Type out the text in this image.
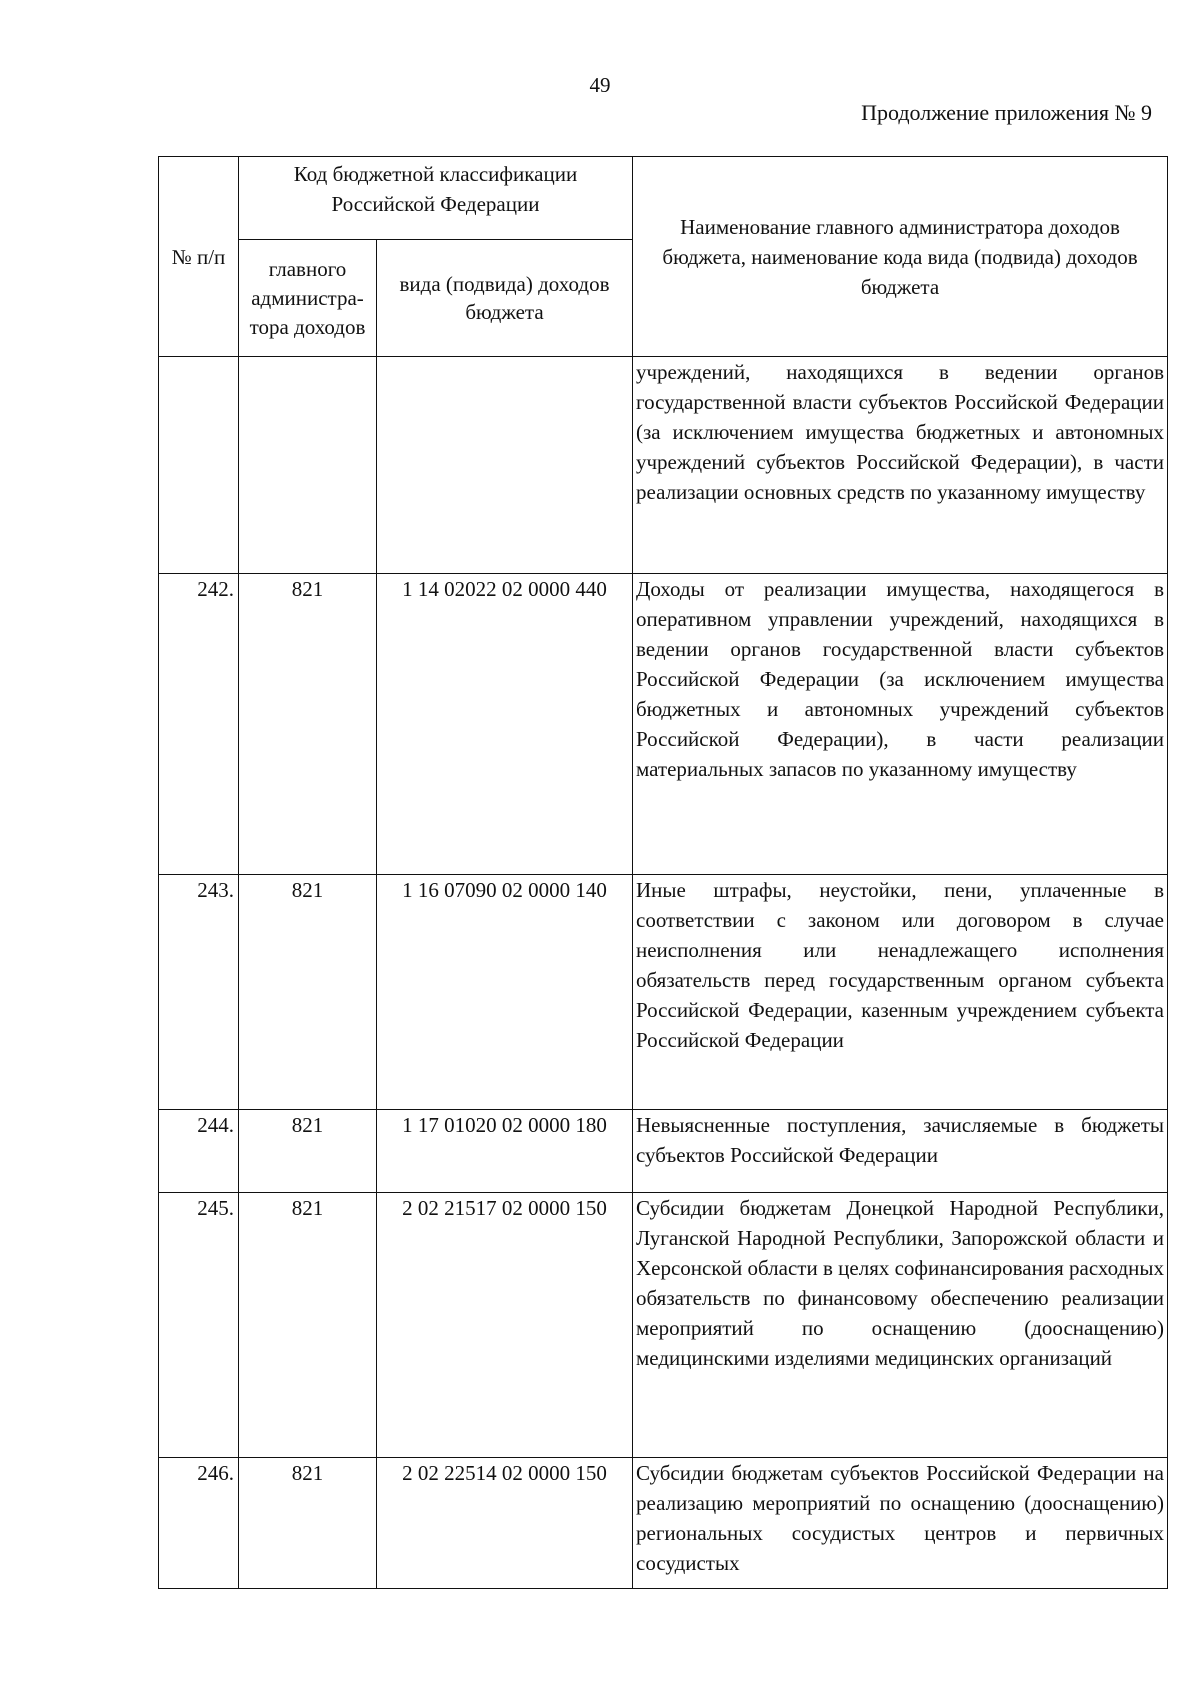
49
Продолжение приложения № 9
№ п/п	Код бюджетной классификации Российской Федерации		Наименование главного администратора доходов бюджета, наименование кода вида (подвида) доходов бюджета
	главного администра-тора доходов	вида (подвида) доходов бюджета	
			учреждений, находящихся в ведении органов государственной власти субъектов Российской Федерации (за исключением имущества бюджетных и автономных учреждений субъектов Российской Федерации), в части реализации основных средств по указанному имуществу
242.	821	1 14 02022 02 0000 440	Доходы от реализации имущества, находящегося в оперативном управлении учреждений, находящихся в ведении органов государственной власти субъектов Российской Федерации (за исключением имущества бюджетных и автономных учреждений субъектов Российской Федерации), в части реализации материальных запасов по указанному имуществу
243.	821	1 16 07090 02 0000 140	Иные штрафы, неустойки, пени, уплаченные в соответствии с законом или договором в случае неисполнения или ненадлежащего исполнения обязательств перед государственным органом субъекта Российской Федерации, казенным учреждением субъекта Российской Федерации
244.	821	1 17 01020 02 0000 180	Невыясненные поступления, зачисляемые в бюджеты субъектов Российской Федерации
245.	821	2 02 21517 02 0000 150	Субсидии бюджетам Донецкой Народной Республики, Луганской Народной Республики, Запорожской области и Херсонской области в целях софинансирования расходных обязательств по финансовому обеспечению реализации мероприятий по оснащению (дооснащению) медицинскими изделиями медицинских организаций
246.	821	2 02 22514 02 0000 150	Субсидии бюджетам субъектов Российской Федерации на реализацию мероприятий по оснащению (дооснащению) региональных сосудистых центров и первичных сосудистых
